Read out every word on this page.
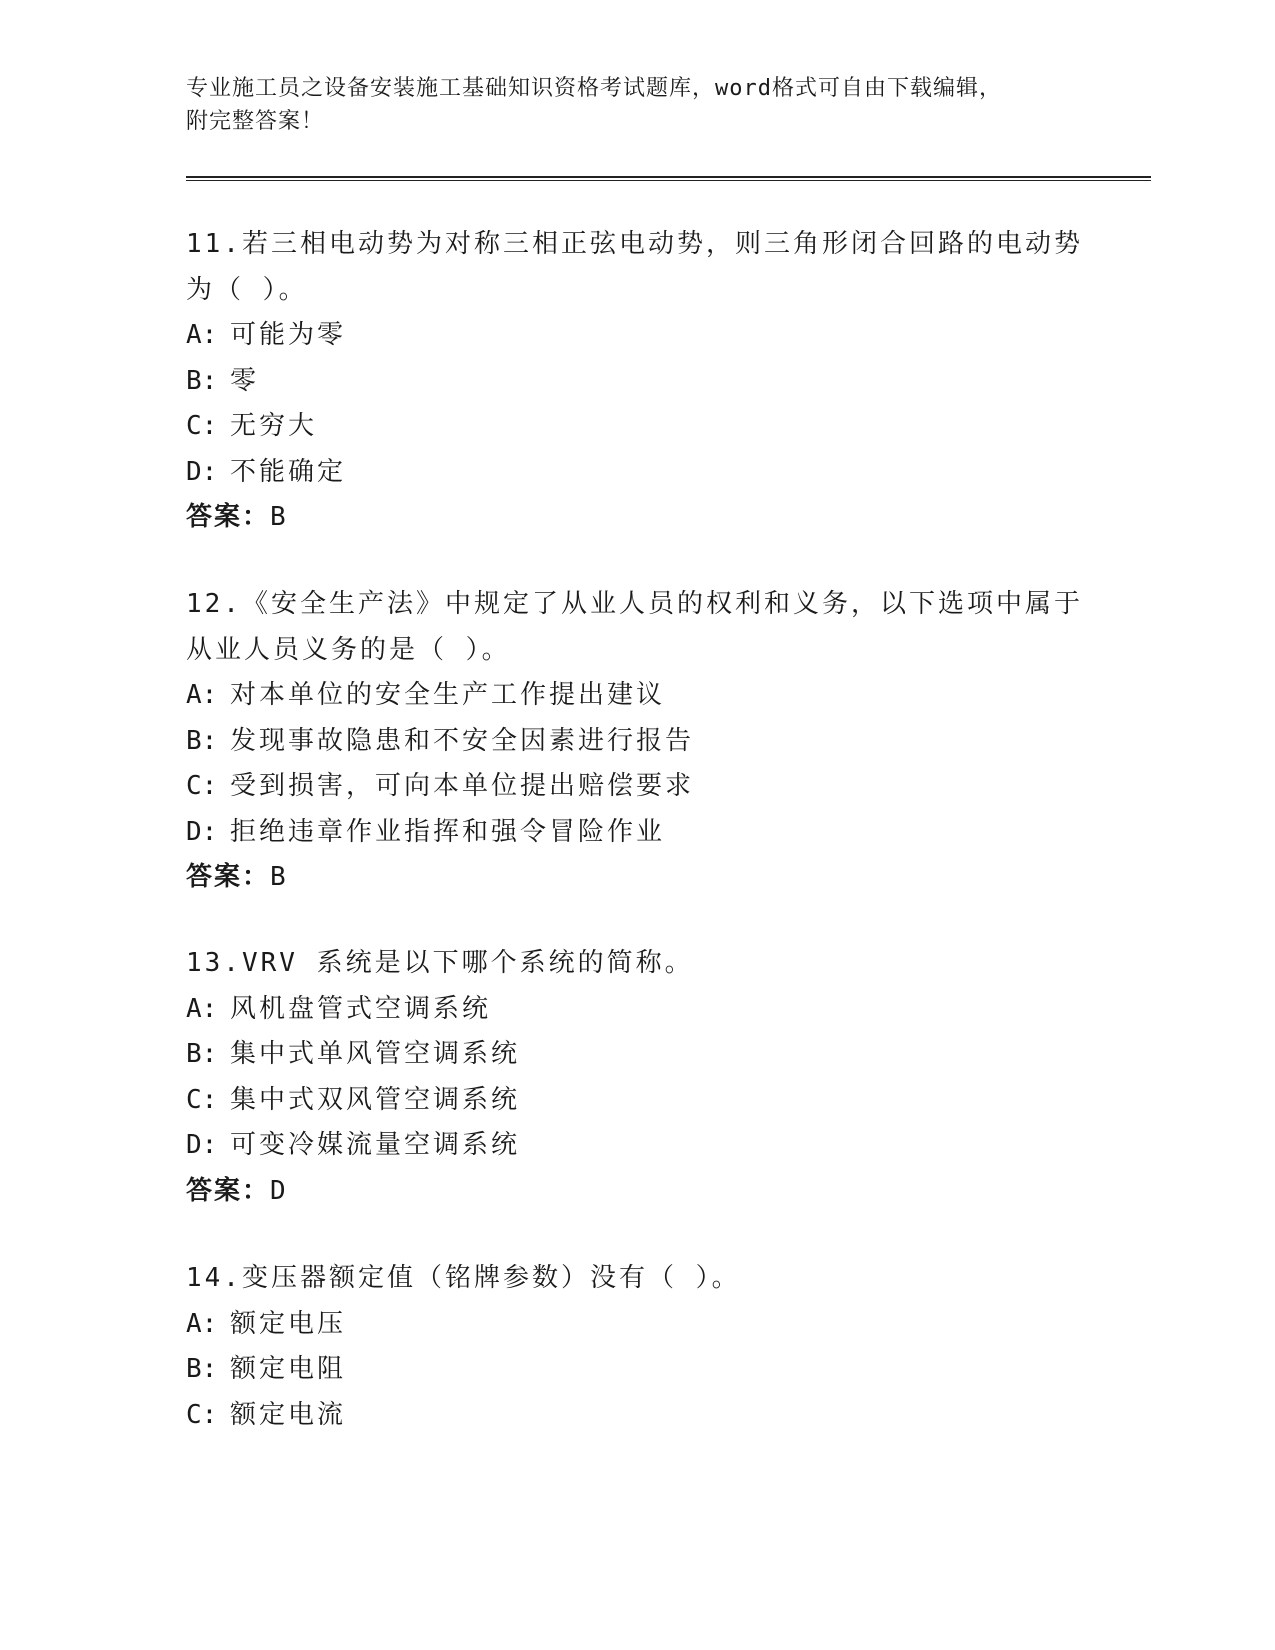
专业施工员之设备安装施工基础知识资格考试题库，word格式可自由下载编辑，
附完整答案！
11.若三相电动势为对称三相正弦电动势，则三角形闭合回路的电动势
为（ ）。
A: 可能为零
B: 零
C: 无穷大
D: 不能确定
答案：B
12.《安全生产法》中规定了从业人员的权利和义务，以下选项中属于
从业人员义务的是（ ）。
A: 对本单位的安全生产工作提出建议
B: 发现事故隐患和不安全因素进行报告
C: 受到损害，可向本单位提出赔偿要求
D: 拒绝违章作业指挥和强令冒险作业
答案：B
13.VRV 系统是以下哪个系统的简称。
A: 风机盘管式空调系统
B: 集中式单风管空调系统
C: 集中式双风管空调系统
D: 可变冷媒流量空调系统
答案：D
14.变压器额定值（铭牌参数）没有（ ）。
A: 额定电压
B: 额定电阻
C: 额定电流
